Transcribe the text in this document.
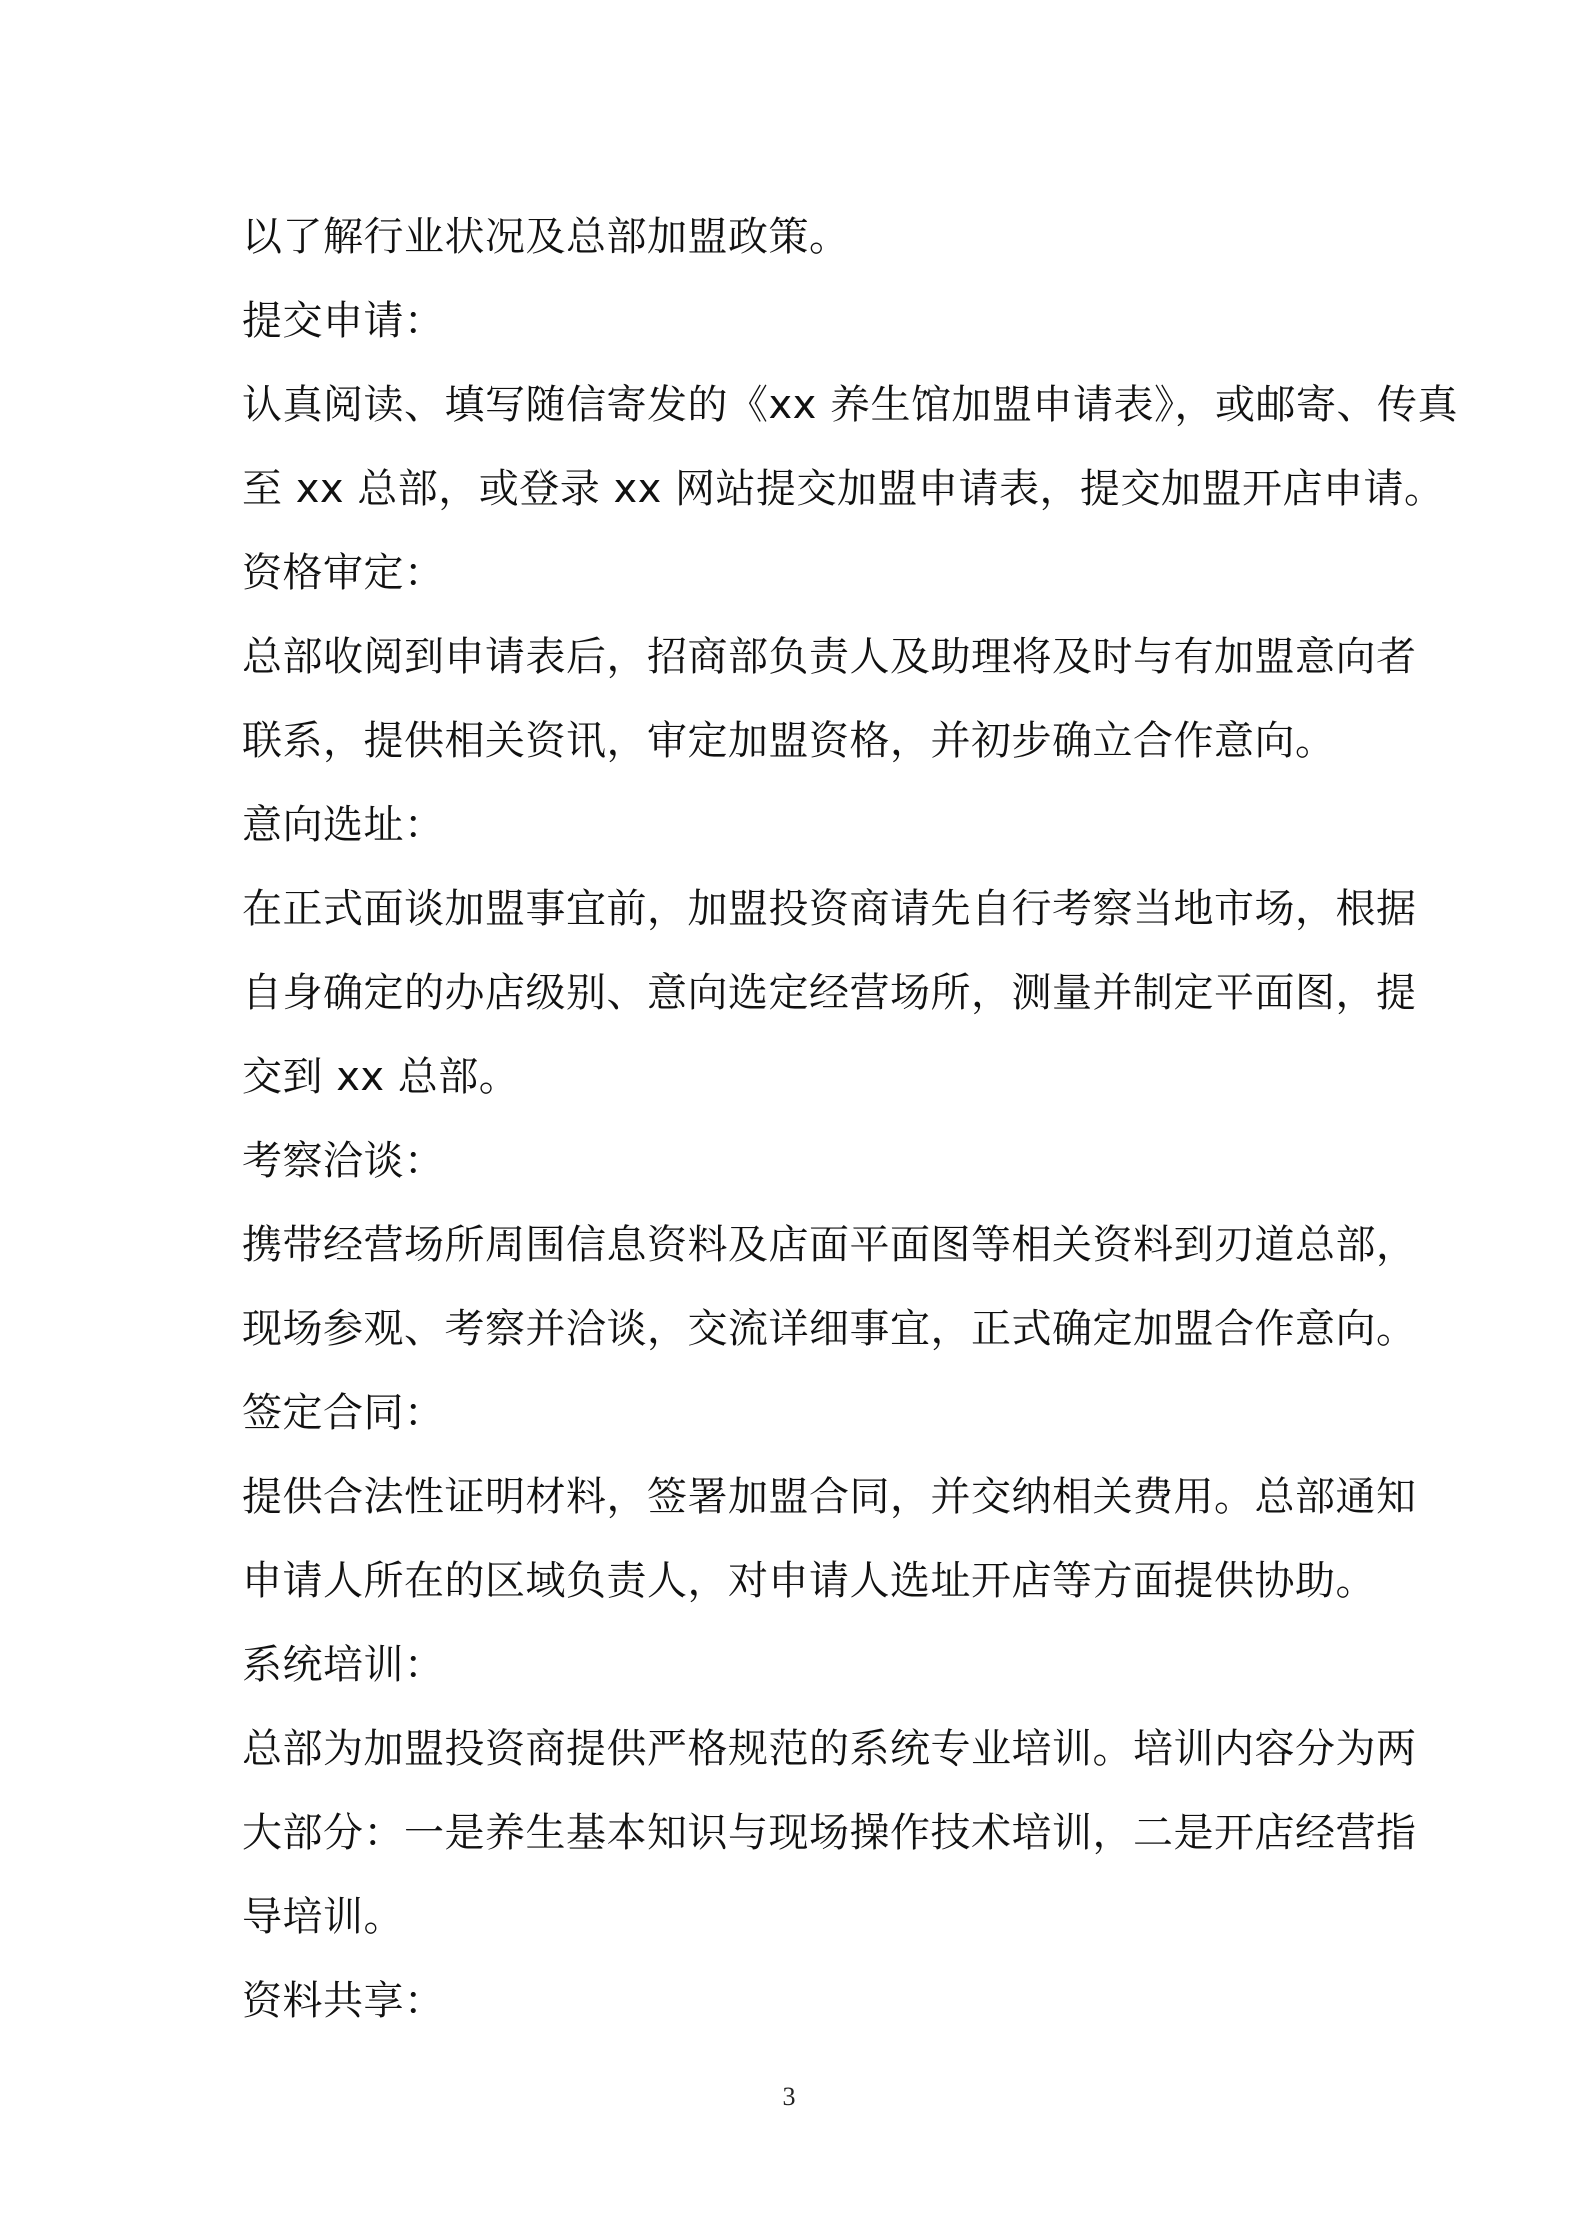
以了解行业状况及总部加盟政策。
提交申请：
认真阅读、填写随信寄发的《xx 养生馆加盟申请表》，或邮寄、传真
至 xx 总部，或登录 xx 网站提交加盟申请表，提交加盟开店申请。
资格审定：
总部收阅到申请表后，招商部负责人及助理将及时与有加盟意向者
联系，提供相关资讯，审定加盟资格，并初步确立合作意向。
意向选址：
在正式面谈加盟事宜前，加盟投资商请先自行考察当地市场，根据
自身确定的办店级别、意向选定经营场所，测量并制定平面图，提
交到 xx 总部。
考察洽谈：
携带经营场所周围信息资料及店面平面图等相关资料到刃道总部，
现场参观、考察并洽谈，交流详细事宜，正式确定加盟合作意向。
签定合同：
提供合法性证明材料，签署加盟合同，并交纳相关费用。总部通知
申请人所在的区域负责人，对申请人选址开店等方面提供协助。
系统培训：
总部为加盟投资商提供严格规范的系统专业培训。培训内容分为两
大部分：一是养生基本知识与现场操作技术培训，二是开店经营指
导培训。
资料共享：
3
